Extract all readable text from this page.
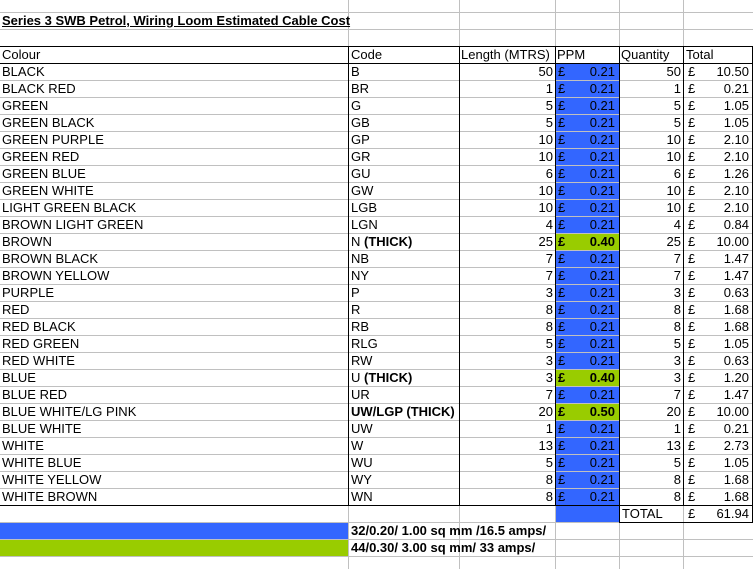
Series 3 SWB Petrol, Wiring Loom Estimated Cable Cost
Colour	Code	Length (MTRS) PPM	Quantity	Total
BLACK	B	50 £	0.21	50 £	10.50
BLACK RED	BR	1 £	0.21	1 £	0.21
GREEN	G	5 £	0.21	5 £	1.05
GREEN BLACK	GB	5 £	0.21	5 £	1.05
GREEN PURPLE	GP	10 £	0.21	10 £	2.10
GREEN RED	GR	10 £	0.21	10 £	2.10
GREEN BLUE	GU	6 £	0.21	6 £	1.26
GREEN WHITE	GW	10 £	0.21	10 £	2.10
LIGHT GREEN BLACK	LGB	10 £	0.21	10 £	2.10
BROWN LIGHT GREEN	LGN	4 £	0.21	4 £	0.84
BROWN	N (THICK)	25 £	0.40	25 £	10.00
BROWN BLACK	NB	7 £	0.21	7 £	1.47
BROWN YELLOW	NY	7 £	0.21	7 £	1.47
PURPLE	P	3 £	0.21	3 £	0.63
RED	R	8 £	0.21	8 £	1.68
RED BLACK	RB	8 £	0.21	8 £	1.68
RED GREEN	RLG	5 £	0.21	5 £	1.05
RED WHITE	RW	3 £	0.21	3 £	0.63
BLUE	U (THICK)	3 £	0.40	3 £	1.20
BLUE RED	UR	7 £	0.21	7 £	1.47
BLUE WHITE/LG PINK	UW/LGP (THICK)	20 £	0.50	20 £	10.00
BLUE WHITE	UW	1 £	0.21	1 £	0.21
WHITE	W	13 £	0.21	13 £	2.73
WHITE BLUE	WU	5 £	0.21	5 £	1.05
WHITE YELLOW	WY	8 £	0.21	8 £	1.68
WHITE BROWN	WN	8 £	0.21	8 £	1.68
TOTAL	£	61.94
32/0.20/ 1.00 sq mm /16.5 amps/
44/0.30/ 3.00 sq mm/ 33 amps/
